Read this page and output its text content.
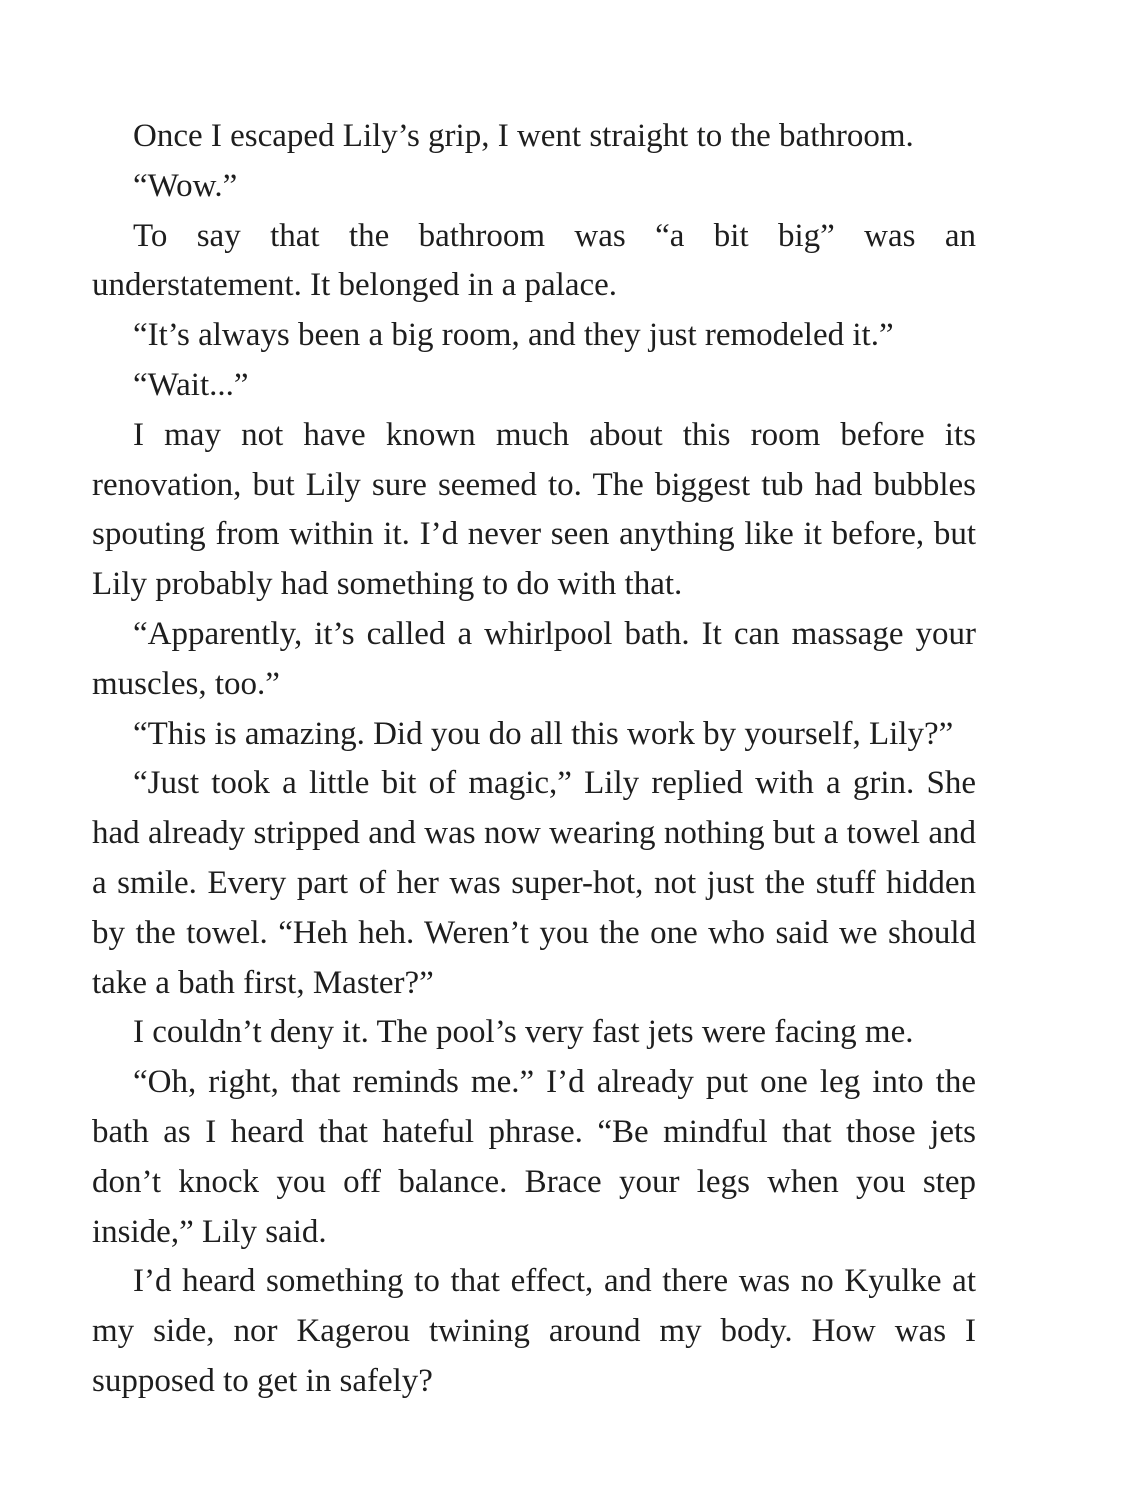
Once I escaped Lily’s grip, I went straight to the bathroom.

“Wow.”

To say that the bathroom was “a bit big” was an understatement. It belonged in a palace.

“It’s always been a big room, and they just remodeled it.”

“Wait...”

I may not have known much about this room before its renovation, but Lily sure seemed to. The biggest tub had bubbles spouting from within it. I’d never seen anything like it before, but Lily probably had something to do with that.

“Apparently, it’s called a whirlpool bath. It can massage your muscles, too.”

“This is amazing. Did you do all this work by yourself, Lily?”

“Just took a little bit of magic,” Lily replied with a grin. She had already stripped and was now wearing nothing but a towel and a smile. Every part of her was super-hot, not just the stuff hidden by the towel. “Heh heh. Weren’t you the one who said we should take a bath first, Master?”

I couldn’t deny it. The pool’s very fast jets were facing me.

“Oh, right, that reminds me.” I’d already put one leg into the bath as I heard that hateful phrase. “Be mindful that those jets don’t knock you off balance. Brace your legs when you step inside,” Lily said.

I’d heard something to that effect, and there was no Kyulke at my side, nor Kagerou twining around my body. How was I supposed to get in safely?
